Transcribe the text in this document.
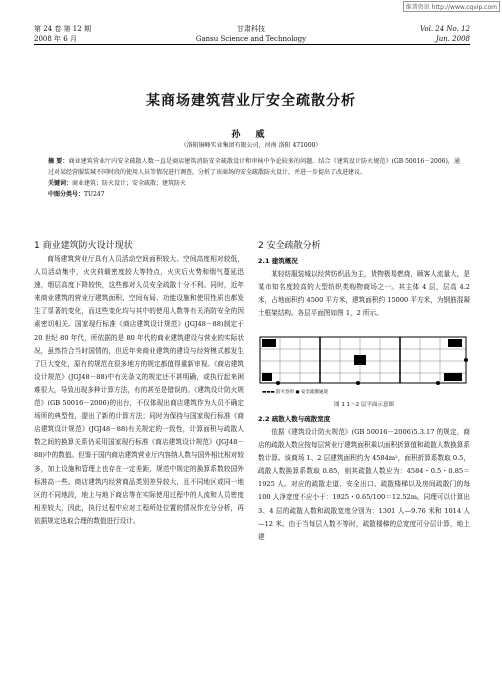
维普资讯 http://www.cqvip.com
第 24 卷 第 12 期
2008 年 6 月
甘肃科技
Gansu Science and Technology
Vol. 24 No. 12
Jun. 2008
某商场建筑营业厅安全疏散分析
孙 威
（洛阳铜峰实业集团有限公司，河南 洛阳 471000）
摘 要：商业建筑营业厅内安全疏散人数一直是商店建筑消防安全疏散设计和审核中争论较多的问题。结合《建筑设计防火规范》(GB 50016－2006)，通过对某经营服装城不同时段的使用人员等情况进行调查，分析了该商场的安全疏散防火设计，并进一步提出了改进建议。
关键词：商业建筑；防火设计；安全疏散；建筑防火
中图分类号：TU247
1 商业建筑防火设计现状

商场建筑营业厅具有人员活动空间面积较大、空间高度相对较低，人员活动集中，火灾荷载密度较大等特点，火灾后火势和烟气蔓延迅速，烟层高度下降较快，这些都对人员安全疏散十分不利。同时，近年来商业建筑的营业厅建筑面积、空间布局、功能设施和使用性质也都发生了显著的变化，而这些变化均与其中的使用人数等有关消防安全的因素密切相关。国家现行标准《商店建筑设计规范》(JGJ48－88)制定于 20 世纪 80 年代，所依据的是 80 年代的商业建筑建设与营业的实际状况，虽然符合当时国情的，但近年来商业建筑的建设与经营模式都发生了巨大变化，原有的规范在很多地方的规定都值得重新审视。《商店建筑设计规范》(JGJ48－88)中有关条文的规定还不甚明确，或执行起来困难很大，导致出现多种计算方法，有的甚至是错误的。《建筑设计防火规范》(GB 50016－2006)的出台，不仅体现出商店建筑作为人员不确定场所的典型性，提出了新的计算方法；同时为保持与国家现行标准《商店建筑设计规范》(JGJ48－88)有关规定的一致性，计算面积与疏散人数之间的换算关系仍采用国家现行标准《商店建筑设计规范》(JGJ48－88)中的数值。但鉴于国内商店建筑营业厅内容纳人数与国外相比相对较多，加上设施和管理上也存在一定差距，规范中规定的换算系数较国外标准高一些。商店建筑内经营商品类别差异较大，且不同地区或同一地区的不同地段，地上与地下商店等在实际使用过程中的人流和人员密度相差较大，因此，执行过程中应对工程所处位置的情况作充分分析，再依据规定选取合理的数值进行设计。

2 安全疏散分析
2.1 建筑概况

某轻纺服装城以经营纺织品为主，货物极易燃烧，顾客人流量大，是某市知名度较高的大型纺织类购物商场之一。其主体 4 层，层高 4.2 米，占地面积约 4500 平方米，建筑面积约 15000 平方米，为钢筋混凝土框架结构。各层平面图如图 1，2 所示。

▬▬▬ 防火卷帘 ● 安全疏散通道
图 1 1～2 层平面示意图
2.2 疏散人数与疏散宽度

依据《建筑设计防火规范》(GB 50016－2006)5.3.17 的规定，商店的疏散人数应按每层营业厅建筑面积乘以面积折算值和疏散人数换算系数计算。该商场 1、2 层建筑面积约为 4584m²，面积折算系数取 0.5，疏散人数换算系数取 0.85，则其疏散人数应为：4584・0.5・0.85＝1925 人。对应的疏散走道、安全出口、疏散楼梯以及房间疏散门的每 100 人净宽度不应小于：1925・0.65/100＝12.52m。同理可以计算出 3、4 层的疏散人数和疏散宽度分别为：1301 人—9.76 米和 1014 人—12 米。由于当每层人数不等时，疏散楼梯的总宽度可分层计算，地上建
